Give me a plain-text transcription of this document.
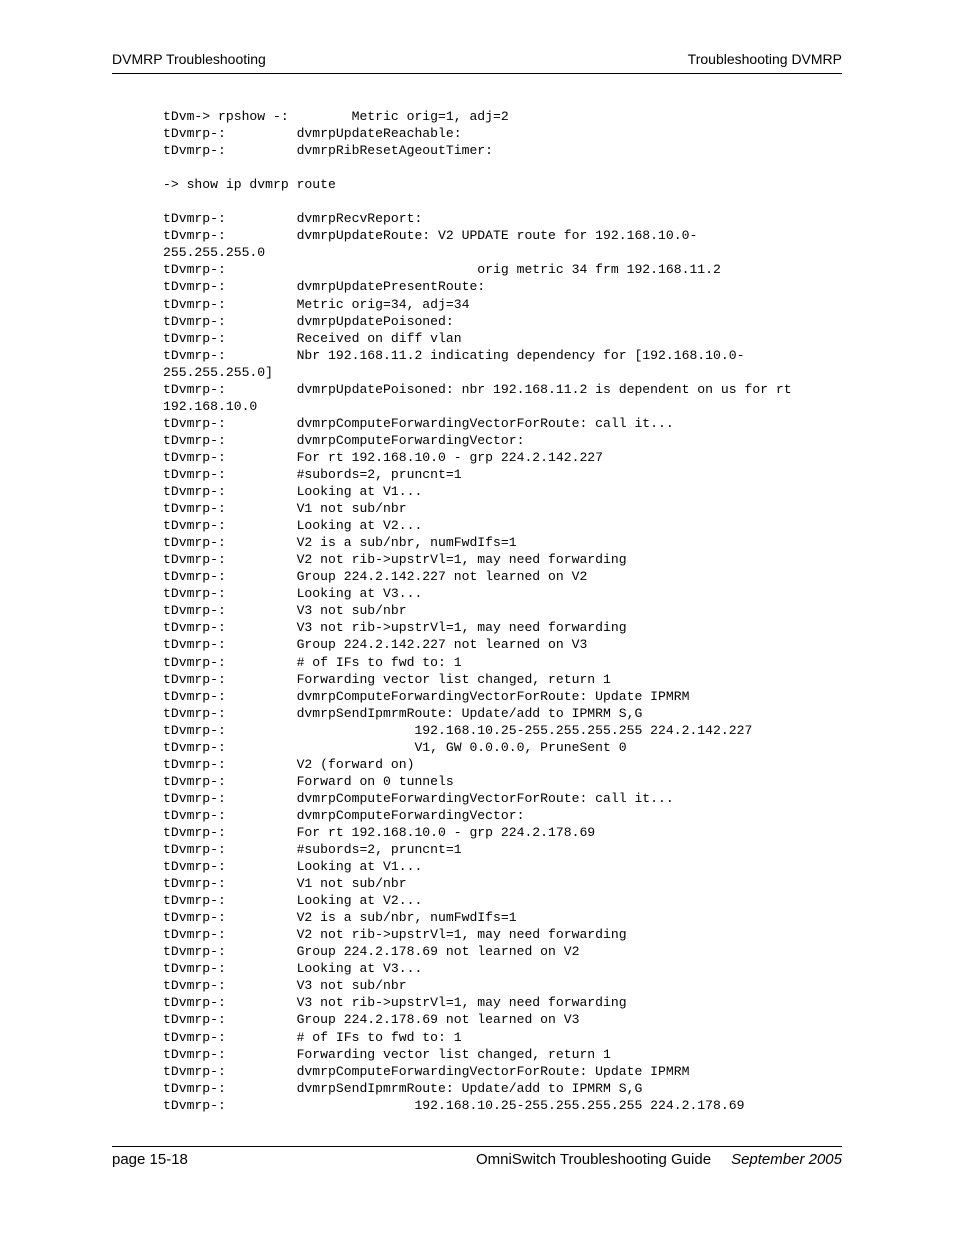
DVMRP Troubleshooting	Troubleshooting DVMRP
tDvm-> rpshow -:        Metric orig=1, adj=2
tDvmrp-:         dvmrpUpdateReachable:
tDvmrp-:         dvmrpRibResetAgeoutTimer:

-> show ip dvmrp route

tDvmrp-:         dvmrpRecvReport:
tDvmrp-:         dvmrpUpdateRoute: V2 UPDATE route for 192.168.10.0-
255.255.255.0
tDvmrp-:                                orig metric 34 frm 192.168.11.2
tDvmrp-:         dvmrpUpdatePresentRoute:
tDvmrp-:         Metric orig=34, adj=34
tDvmrp-:         dvmrpUpdatePoisoned:
tDvmrp-:         Received on diff vlan
tDvmrp-:         Nbr 192.168.11.2 indicating dependency for [192.168.10.0-
255.255.255.0]
tDvmrp-:         dvmrpUpdatePoisoned: nbr 192.168.11.2 is dependent on us for rt
192.168.10.0
tDvmrp-:         dvmrpComputeForwardingVectorForRoute: call it...
tDvmrp-:         dvmrpComputeForwardingVector:
tDvmrp-:         For rt 192.168.10.0 - grp 224.2.142.227
tDvmrp-:         #subords=2, pruncnt=1
tDvmrp-:         Looking at V1...
tDvmrp-:         V1 not sub/nbr
tDvmrp-:         Looking at V2...
tDvmrp-:         V2 is a sub/nbr, numFwdIfs=1
tDvmrp-:         V2 not rib->upstrVl=1, may need forwarding
tDvmrp-:         Group 224.2.142.227 not learned on V2
tDvmrp-:         Looking at V3...
tDvmrp-:         V3 not sub/nbr
tDvmrp-:         V3 not rib->upstrVl=1, may need forwarding
tDvmrp-:         Group 224.2.142.227 not learned on V3
tDvmrp-:         # of IFs to fwd to: 1
tDvmrp-:         Forwarding vector list changed, return 1
tDvmrp-:         dvmrpComputeForwardingVectorForRoute: Update IPMRM
tDvmrp-:         dvmrpSendIpmrmRoute: Update/add to IPMRM S,G
tDvmrp-:                        192.168.10.25-255.255.255.255 224.2.142.227
tDvmrp-:                        V1, GW 0.0.0.0, PruneSent 0
tDvmrp-:         V2 (forward on)
tDvmrp-:         Forward on 0 tunnels
tDvmrp-:         dvmrpComputeForwardingVectorForRoute: call it...
tDvmrp-:         dvmrpComputeForwardingVector:
tDvmrp-:         For rt 192.168.10.0 - grp 224.2.178.69
tDvmrp-:         #subords=2, pruncnt=1
tDvmrp-:         Looking at V1...
tDvmrp-:         V1 not sub/nbr
tDvmrp-:         Looking at V2...
tDvmrp-:         V2 is a sub/nbr, numFwdIfs=1
tDvmrp-:         V2 not rib->upstrVl=1, may need forwarding
tDvmrp-:         Group 224.2.178.69 not learned on V2
tDvmrp-:         Looking at V3...
tDvmrp-:         V3 not sub/nbr
tDvmrp-:         V3 not rib->upstrVl=1, may need forwarding
tDvmrp-:         Group 224.2.178.69 not learned on V3
tDvmrp-:         # of IFs to fwd to: 1
tDvmrp-:         Forwarding vector list changed, return 1
tDvmrp-:         dvmrpComputeForwardingVectorForRoute: Update IPMRM
tDvmrp-:         dvmrpSendIpmrmRoute: Update/add to IPMRM S,G
tDvmrp-:                        192.168.10.25-255.255.255.255 224.2.178.69

page 15-18	OmniSwitch Troubleshooting Guide September 2005
